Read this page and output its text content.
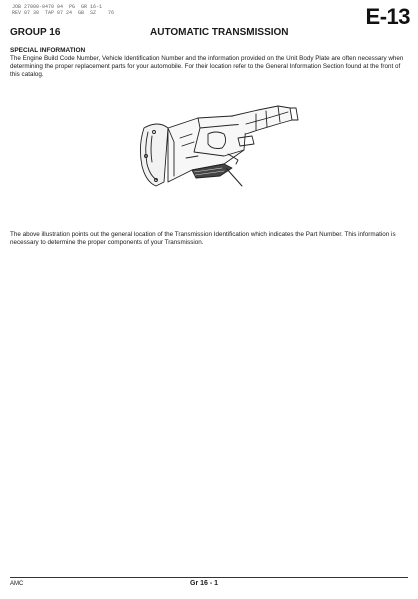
JOB 27000-0470 04  PG  GR 16-1
REV 07 30  TAP 07 24  GB  SZ    76	E-13
GROUP 16	AUTOMATIC TRANSMISSION
SPECIAL INFORMATION
The Engine Build Code Number, Vehicle Identification Number and the information provided on the Unit Body Plate are often necessary when determining the proper replacement parts for your automobile. For their location refer to the General Information Section found at the front of this catalog.
The above illustration points out the general location of the Transmission Identification which indicates the Part Number. This information is necessary to determine the proper components of your Transmission.
AMC	Gr 16 - 1
